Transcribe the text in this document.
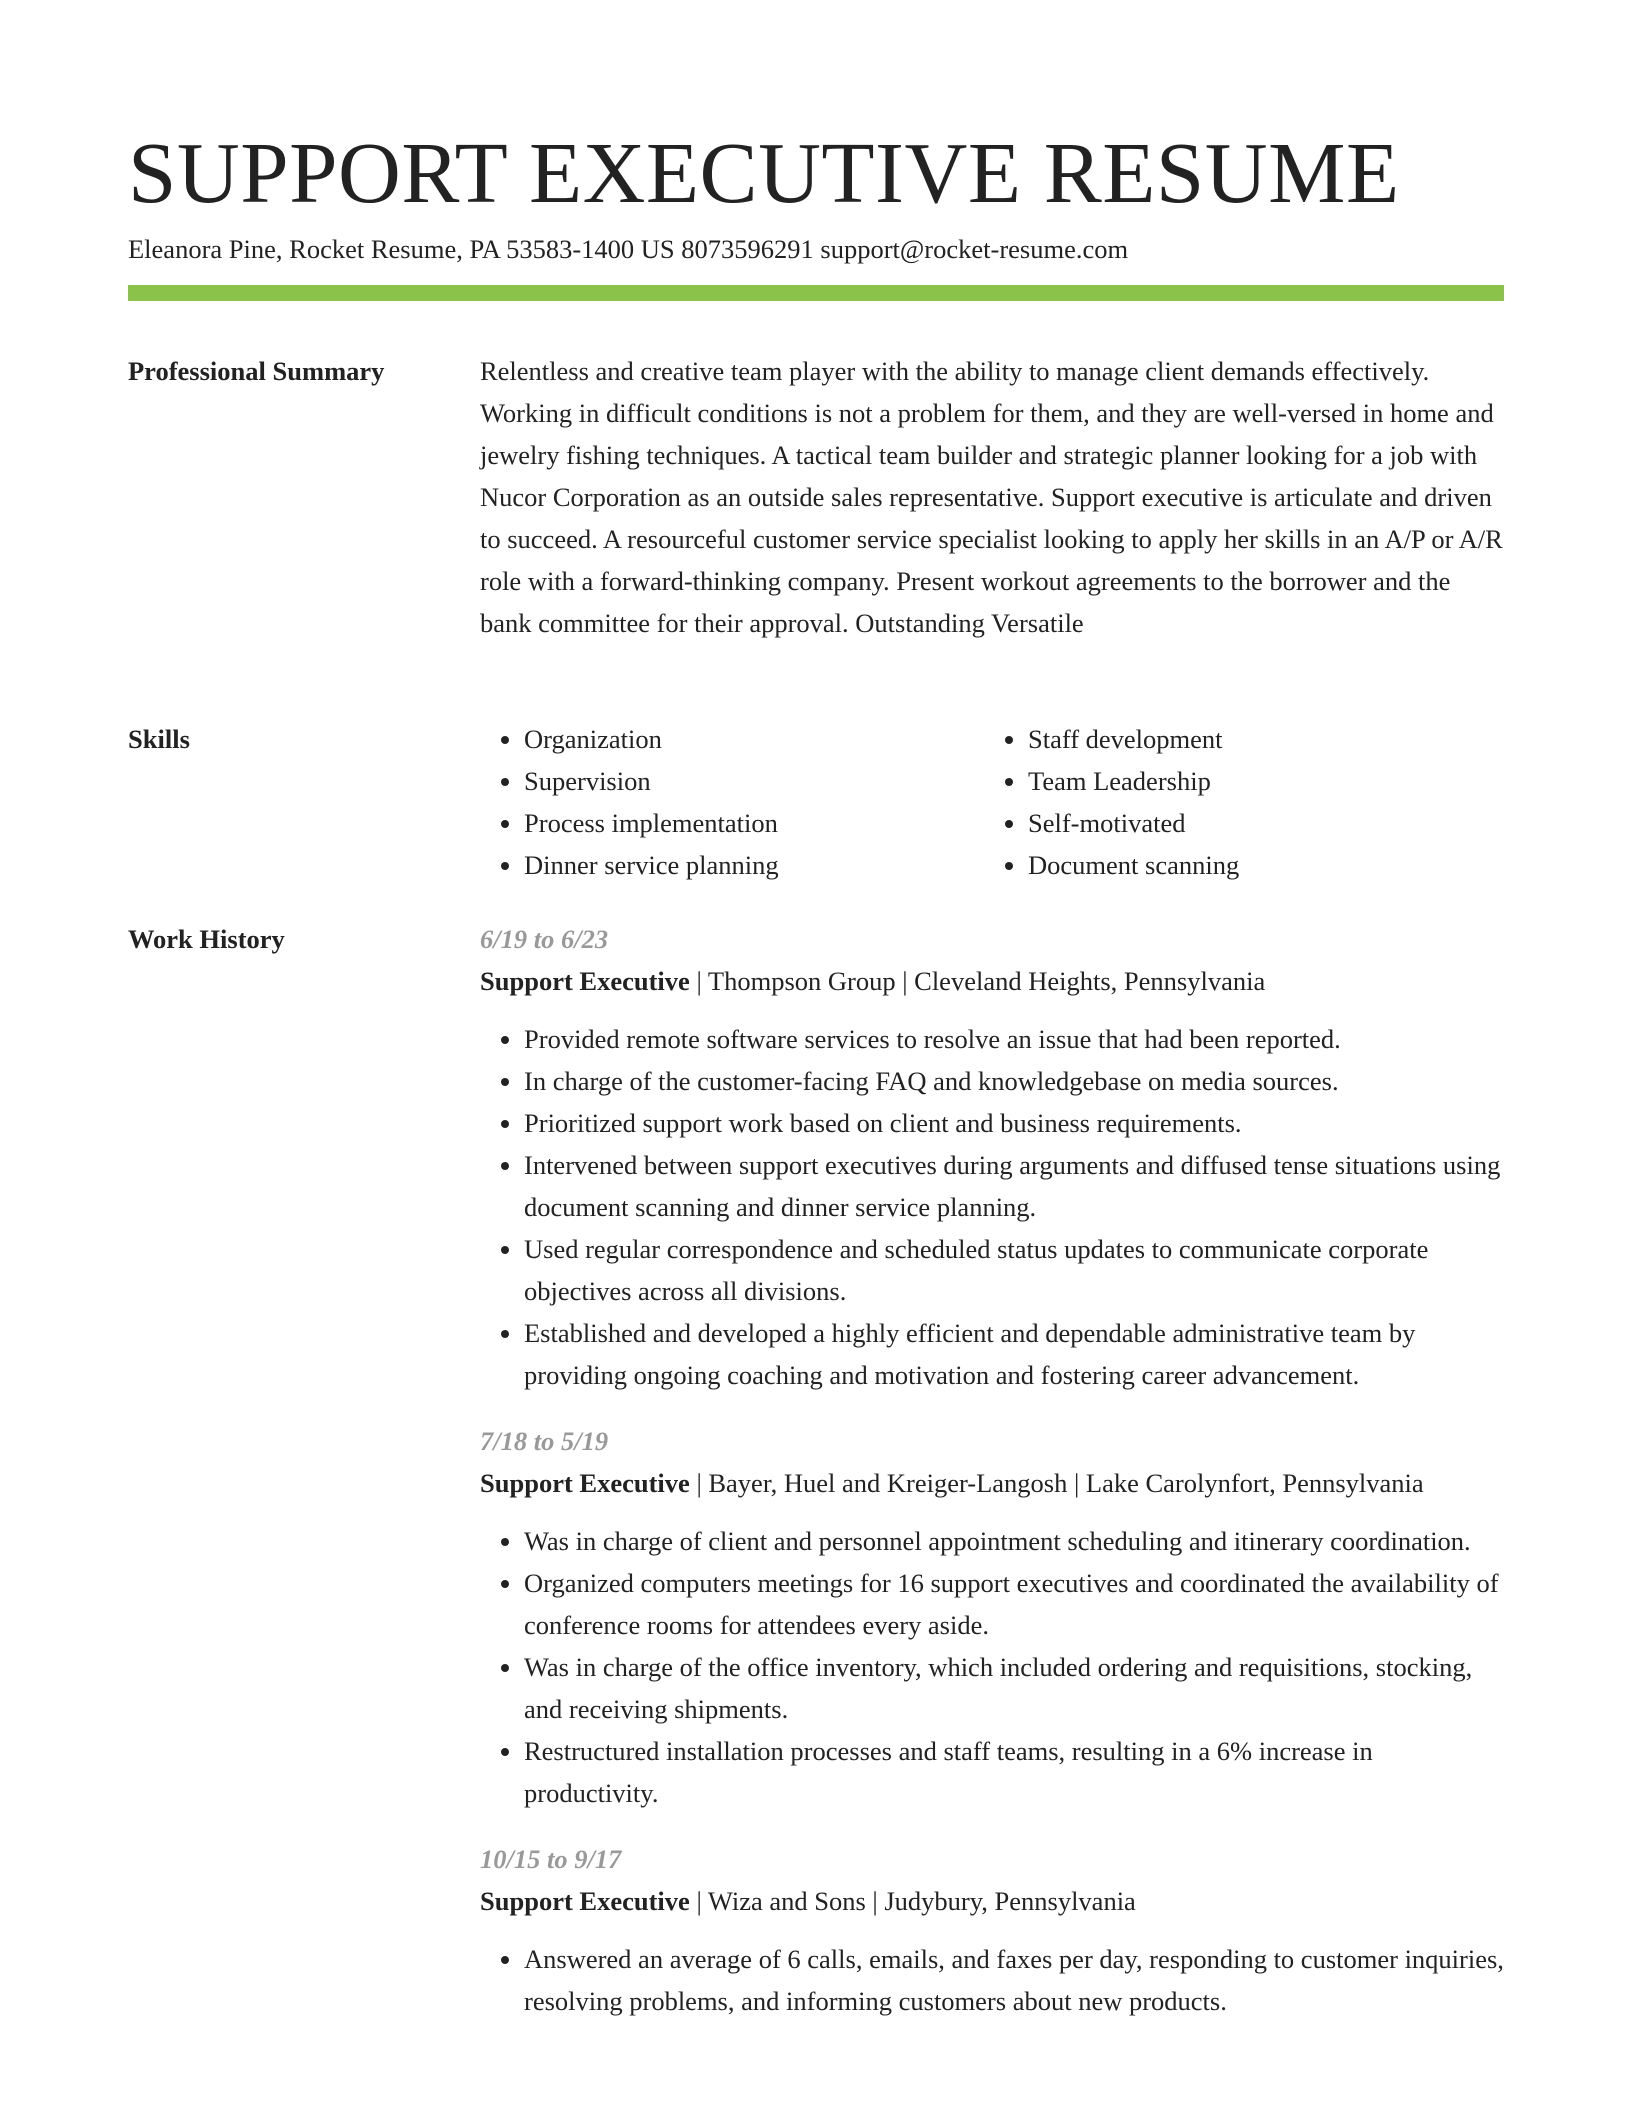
SUPPORT EXECUTIVE RESUME
Eleanora Pine, Rocket Resume, PA 53583-1400 US 8073596291 support@rocket-resume.com
Professional Summary	Relentless and creative team player with the ability to manage client demands effectively. Working in difficult conditions is not a problem for them, and they are well-versed in home and jewelry fishing techniques. A tactical team builder and strategic planner looking for a job with Nucor Corporation as an outside sales representative. Support executive is articulate and driven to succeed. A resourceful customer service specialist looking to apply her skills in an A/P or A/R role with a forward-thinking company. Present workout agreements to the borrower and the bank committee for their approval. Outstanding Versatile

Skills
•	Organization
• Supervision
• Process implementation
• Dinner service planning
• Staff development
• Team Leadership
• Self-motivated
• Document scanning
Work History	6/19 to 6/23
Support Executive | Thompson Group | Cleveland Heights, Pennsylvania
• Provided remote software services to resolve an issue that had been reported.
• In charge of the customer-facing FAQ and knowledgebase on media sources.
• Prioritized support work based on client and business requirements.
• Intervened between support executives during arguments and diffused tense situations using document scanning and dinner service planning.
• Used regular correspondence and scheduled status updates to communicate corporate objectives across all divisions.
• Established and developed a highly efficient and dependable administrative team by providing ongoing coaching and motivation and fostering career advancement.
7/18 to 5/19
Support Executive | Bayer, Huel and Kreiger-Langosh | Lake Carolynfort, Pennsylvania
• Was in charge of client and personnel appointment scheduling and itinerary coordination.
• Organized computers meetings for 16 support executives and coordinated the availability of conference rooms for attendees every aside.
• Was in charge of the office inventory, which included ordering and requisitions, stocking, and receiving shipments.
• Restructured installation processes and staff teams, resulting in a 6% increase in productivity.
10/15 to 9/17
Support Executive | Wiza and Sons | Judybury, Pennsylvania
• Answered an average of 6 calls, emails, and faxes per day, responding to customer inquiries, resolving problems, and informing customers about new products.
